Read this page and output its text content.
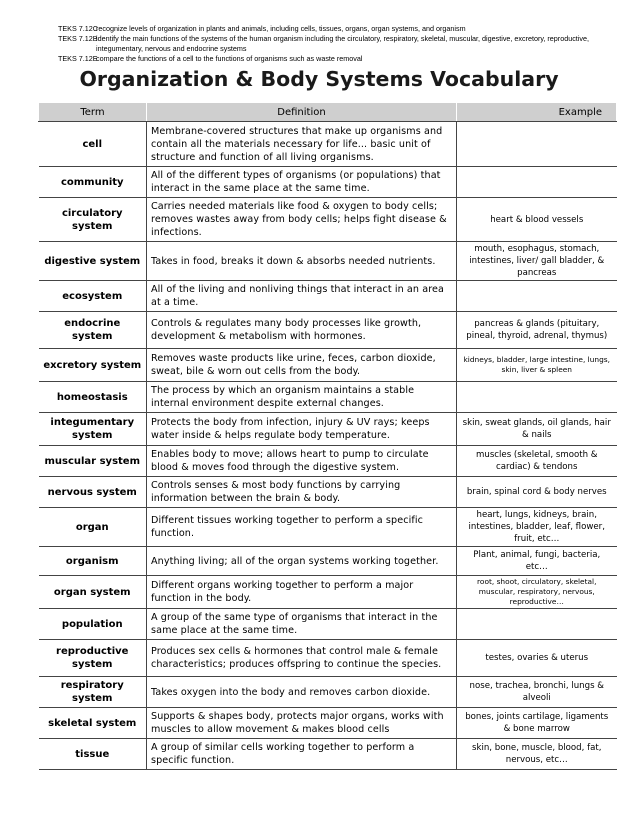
TEKS 7.12C
recognize levels of organization in plants and animals, including cells, tissues, organs, organ systems, and organism
TEKS 7.12B
identify the main functions of the systems of the human organism including the circulatory, respiratory, skeletal, muscular, digestive, excretory, reproductive, integumentary, nervous and endocrine systems
TEKS 7.12E
compare the functions of a cell to the functions of organisms such as waste removal
Organization & Body Systems Vocabulary
Term	Definition	Example
cell	Membrane-covered structures that make up organisms and contain all the materials necessary for life... basic unit of structure and function of all living organisms.	
community	All of the different types of organisms (or populations) that interact in the same place at the same time.	
circulatory system	Carries needed materials like food & oxygen to body cells; removes wastes away from body cells; helps fight disease & infections.	heart & blood vessels
digestive system	Takes in food, breaks it down & absorbs needed nutrients.	mouth, esophagus, stomach, intestines, liver/ gall bladder, & pancreas
ecosystem	All of the living and nonliving things that interact in an area at a time.	
endocrine system	Controls & regulates many body processes like growth, development & metabolism with hormones.	pancreas & glands (pituitary, pineal, thyroid, adrenal, thymus)
excretory system	Removes waste products like urine, feces, carbon dioxide, sweat, bile & worn out cells from the body.	kidneys, bladder, large intestine, lungs, skin, liver & spleen
homeostasis	The process by which an organism maintains a stable internal environment despite external changes.	
integumentary system	Protects the body from infection, injury & UV rays; keeps water inside & helps regulate body temperature.	skin, sweat glands, oil glands, hair & nails
muscular system	Enables body to move; allows heart to pump to circulate blood & moves food through the digestive system.	muscles (skeletal, smooth & cardiac) & tendons
nervous system	Controls senses & most body functions by carrying information between the brain & body.	brain, spinal cord & body nerves
organ	Different tissues working together to perform a specific function.	heart, lungs, kidneys, brain, intestines, bladder, leaf, flower, fruit, etc…
organism	Anything living; all of the organ systems working together.	Plant, animal, fungi, bacteria, etc…
organ system	Different organs working together to perform a major function in the body.	root, shoot, circulatory, skeletal, muscular, respiratory, nervous, reproductive…
population	A group of the same type of organisms that interact in the same place at the same time.	
reproductive system	Produces sex cells & hormones that control male & female characteristics; produces offspring to continue the species.	testes, ovaries & uterus
respiratory system	Takes oxygen into the body and removes carbon dioxide.	nose, trachea, bronchi, lungs & alveoli
skeletal system	Supports & shapes body, protects major organs, works with muscles to allow movement & makes blood cells	bones, joints cartilage, ligaments & bone marrow
tissue	A group of similar cells working together to perform a specific function.	skin, bone, muscle, blood, fat, nervous, etc…
